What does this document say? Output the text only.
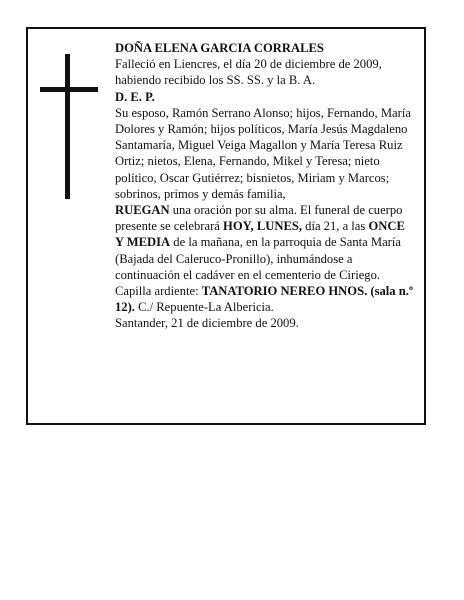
DOÑA ELENA GARCIA CORRALES

Falleció en Liencres, el día 20 de diciembre de 2009, habiendo recibido los SS. SS. y la B. A.

D. E. P.

Su esposo, Ramón Serrano Alonso; hijos, Fernando, María Dolores y Ramón; hijos políticos, María Jesús Magdaleno Santamaría, Miguel Veiga Magallon y María Teresa Ruiz Ortiz; nietos, Elena, Fernando, Mikel y Teresa; nieto político, Oscar Gutiérrez; bisnietos, Miriam y Marcos; sobrinos, primos y demás familia,

RUEGAN una oración por su alma. El funeral de cuerpo presente se celebrará HOY, LUNES, día 21, a las ONCE Y MEDIA de la mañana, en la parroquia de Santa María (Bajada del Caleruco-Pronillo), inhumándose a continuación el cadáver en el cementerio de Ciriego. Capilla ardiente: TANATORIO NEREO HNOS. (sala n.º 12). C./ Repuente-La Albericia.

Santander, 21 de diciembre de 2009.
